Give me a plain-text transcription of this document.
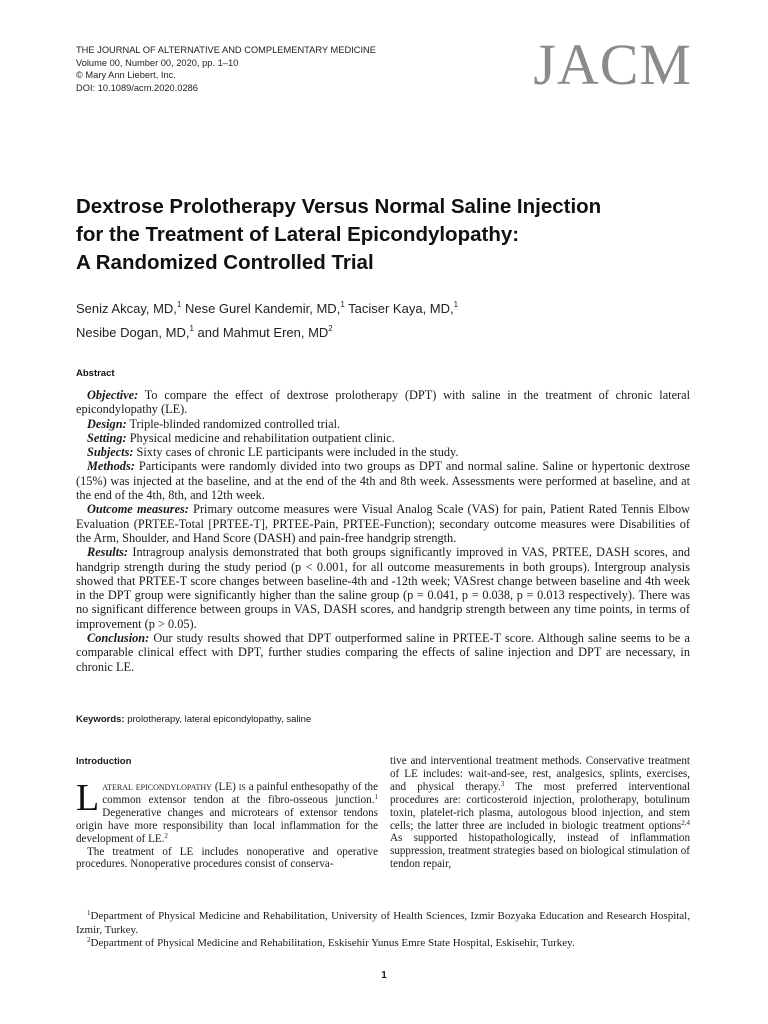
THE JOURNAL OF ALTERNATIVE AND COMPLEMENTARY MEDICINE
Volume 00, Number 00, 2020, pp. 1–10
© Mary Ann Liebert, Inc.
DOI: 10.1089/acm.2020.0286	JACM
Dextrose Prolotherapy Versus Normal Saline Injection
for the Treatment of Lateral Epicondylopathy:
A Randomized Controlled Trial
Seniz Akcay, MD,$^1$ Nese Gurel Kandemir, MD,$^1$ Taciser Kaya, MD,$^1$
Nesibe Dogan, MD,$^1$ and Mahmut Eren, $MD^2$
Abstract

Objective: To compare the effect of dextrose prolotherapy (DPT) with saline in the treatment of chronic lateral epicondylopathy (LE).

Design: Triple-blinded randomized controlled trial.

Setting: Physical medicine and rehabilitation outpatient clinic.

Subjects: Sixty cases of chronic LE participants were included in the study.

Methods: Participants were randomly divided into two groups as DPT and normal saline. Saline or hypertonic dextrose (15%) was injected at the baseline, and at the end of the 4th and 8th week. Assessments were performed at baseline, and at the end of the 4th, 8th, and 12th week.

Outcome measures: Primary outcome measures were Visual Analog Scale (VAS) for pain, Patient Rated Tennis Elbow Evaluation (PRTEE-Total [PRTEE-T], PRTEE-Pain, PRTEE-Function); secondary outcome measures were Disabilities of the Arm, Shoulder, and Hand Score (DASH) and pain-free handgrip strength.

Results: Intragroup analysis demonstrated that both groups significantly improved in VAS, PRTEE, DASH scores, and handgrip strength during the study period (p < 0.001, for all outcome measurements in both groups). Intergroup analysis showed that PRTEE-T score changes between baseline-4th and -12th week; VASrest change between baseline and 4th week in the DPT group were significantly higher than the saline group (p = 0.041, p = 0.038, p = 0.013 respectively). There was no significant difference between groups in VAS, DASH scores, and handgrip strength between any time points, in terms of improvement (p > 0.05).

Conclusion: Our study results showed that DPT outperformed saline in PRTEE-T score. Although saline seems to be a comparable clinical effect with DPT, further studies comparing the effects of saline injection and DPT are necessary, in chronic LE.

Keywords: prolotherapy, lateral epicondylopathy, saline
Introduction

Lateral epicondylopathy (LE) is a painful enthesopathy of the common extensor tendon at the fibro-osseous junction.$^1$ Degenerative changes and microtears of extensor tendons origin have more responsibility than local inflammation for the development of LE.$^2$

The treatment of LE includes nonoperative and operative procedures. Nonoperative procedures consist of conserva-

tive and interventional treatment methods. Conservative treatment of LE includes: wait-and-see, rest, analgesics, splints, exercises, and physical therapy.$^3$ The most preferred interventional procedures are: corticosteroid injection, prolotherapy, botulinum toxin, platelet-rich plasma, autologous blood injection, and stem cells; the latter three are included in biologic treatment options$^{2,4}$ As supported histopathologically, instead of inflammation suppression, treatment strategies based on biological stimulation of tendon repair,

$^1$Department of Physical Medicine and Rehabilitation, University of Health Sciences, Izmir Bozyaka Education and Research Hospital, Izmir, Turkey.

$^2$Department of Physical Medicine and Rehabilitation, Eskisehir Yunus Emre State Hospital, Eskisehir, Turkey.

1
